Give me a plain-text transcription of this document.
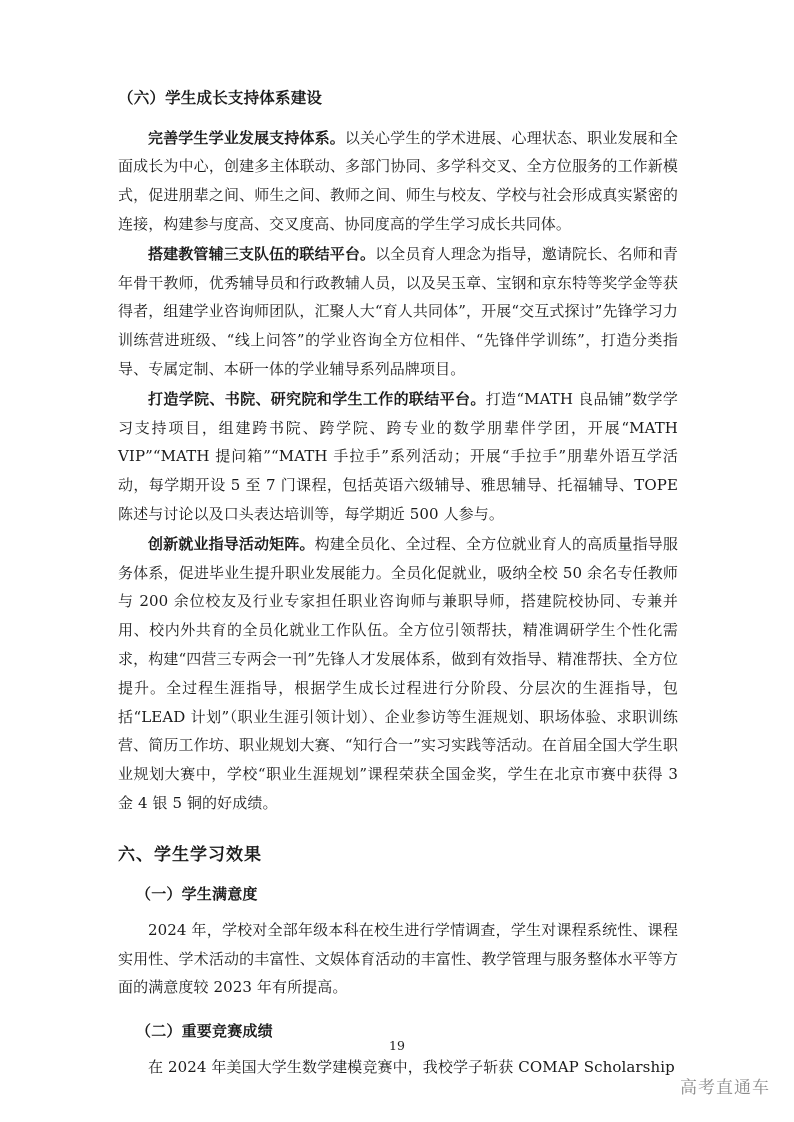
（六）学生成长支持体系建设

完善学生学业发展支持体系。以关心学生的学术进展、心理状态、职业发展和全面成长为中心，创建多主体联动、多部门协同、多学科交叉、全方位服务的工作新模式，促进朋辈之间、师生之间、教师之间、师生与校友、学校与社会形成真实紧密的连接，构建参与度高、交叉度高、协同度高的学生学习成长共同体。

搭建教管辅三支队伍的联结平台。以全员育人理念为指导，邀请院长、名师和青年骨干教师，优秀辅导员和行政教辅人员，以及吴玉章、宝钢和京东特等奖学金等获得者，组建学业咨询师团队，汇聚人大“育人共同体”，开展“交互式探讨”先锋学习力训练营进班级、“线上问答”的学业咨询全方位相伴、“先锋伴学训练”，打造分类指导、专属定制、本研一体的学业辅导系列品牌项目。

打造学院、书院、研究院和学生工作的联结平台。打造“MATH 良品铺”数学学习支持项目，组建跨书院、跨学院、跨专业的数学朋辈伴学团，开展“MATH VIP”“MATH 提问箱”“MATH 手拉手”系列活动；开展“手拉手”朋辈外语互学活动，每学期开设 5 至 7 门课程，包括英语六级辅导、雅思辅导、托福辅导、TOPE 陈述与讨论以及口头表达培训等，每学期近 500 人参与。

创新就业指导活动矩阵。构建全员化、全过程、全方位就业育人的高质量指导服务体系，促进毕业生提升职业发展能力。全员化促就业，吸纳全校 50 余名专任教师与 200 余位校友及行业专家担任职业咨询师与兼职导师，搭建院校协同、专兼并用、校内外共育的全员化就业工作队伍。全方位引领帮扶，精准调研学生个性化需求，构建“四营三专两会一刊”先锋人才发展体系，做到有效指导、精准帮扶、全方位提升。全过程生涯指导，根据学生成长过程进行分阶段、分层次的生涯指导，包括“LEAD 计划”（职业生涯引领计划）、企业参访等生涯规划、职场体验、求职训练营、简历工作坊、职业规划大赛、“知行合一”实习实践等活动。在首届全国大学生职业规划大赛中，学校“职业生涯规划”课程荣获全国金奖，学生在北京市赛中获得 3 金 4 银 5 铜的好成绩。

六、学生学习效果
（一）学生满意度

2024 年，学校对全部年级本科在校生进行学情调查，学生对课程系统性、课程实用性、学术活动的丰富性、文娱体育活动的丰富性、教学管理与服务整体水平等方面的满意度较 2023 年有所提高。

（二）重要竞赛成绩

在 2024 年美国大学生数学建模竞赛中，我校学子斩获 COMAP Scholarship

19
高考直通车
